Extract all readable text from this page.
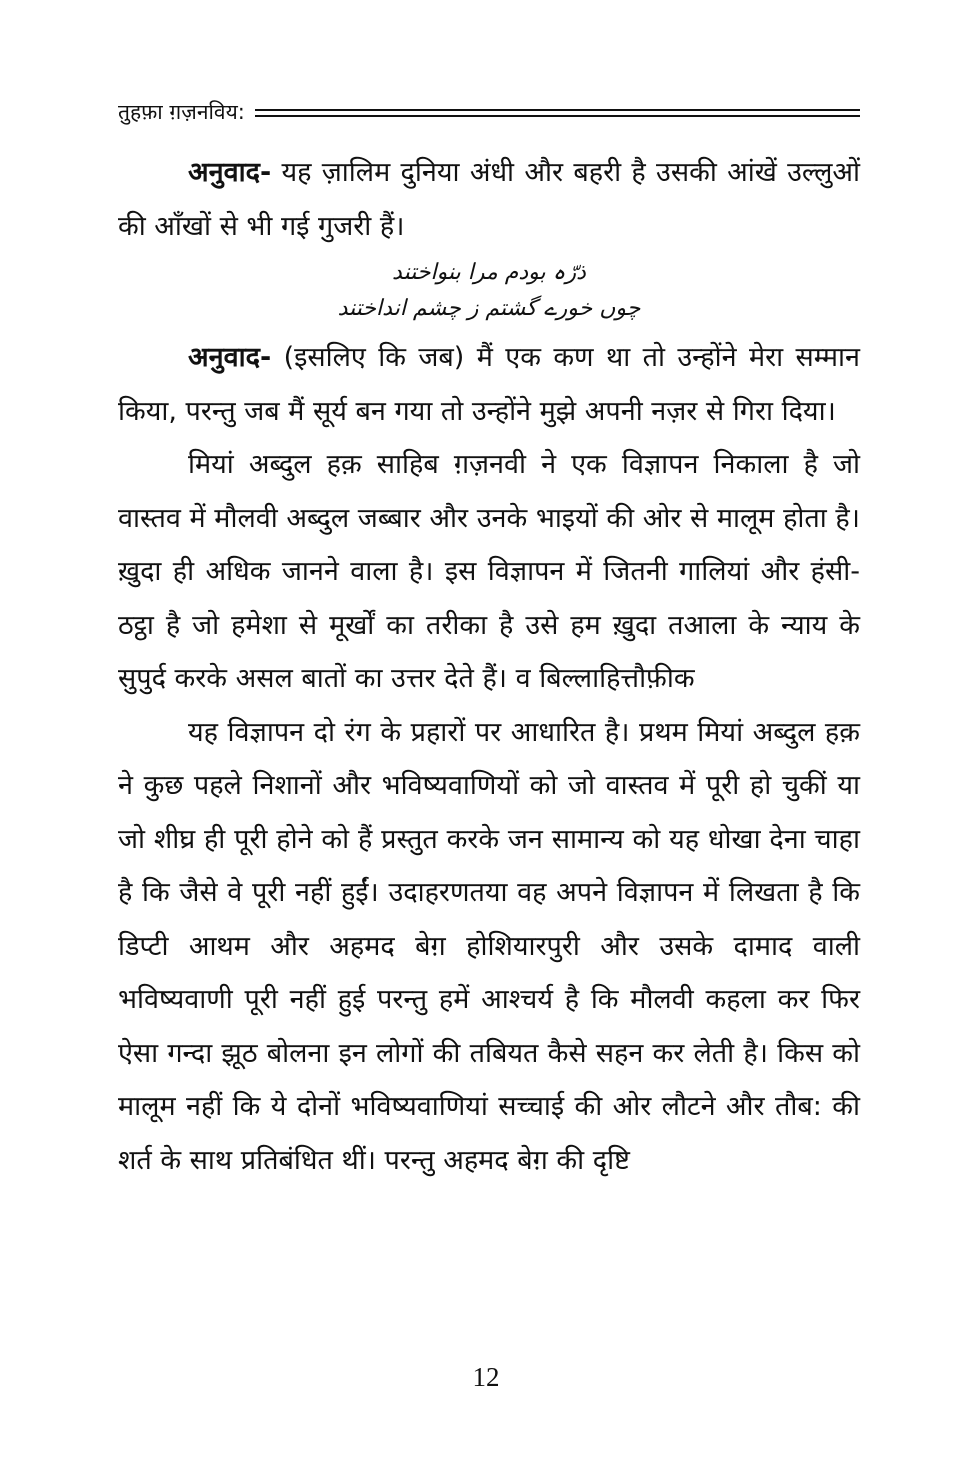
तुहफ़ा ग़ज़नविय:

अनुवाद- यह ज़ालिम दुनिया अंधी और बहरी है उसकी आंखें उल्लुओं की आँखों से भी गई गुजरी हैं।

ذرّہ بودم مرا بنواختند
چوں خورے گشتم ز چشم انداختند

अनुवाद- (इसलिए कि जब) मैं एक कण था तो उन्होंने मेरा सम्मान किया, परन्तु जब मैं सूर्य बन गया तो उन्होंने मुझे अपनी नज़र से गिरा दिया।

मियां अब्दुल हक़ साहिब ग़ज़नवी ने एक विज्ञापन निकाला है जो वास्तव में मौलवी अब्दुल जब्बार और उनके भाइयों की ओर से मालूम होता है। ख़ुदा ही अधिक जानने वाला है। इस विज्ञापन में जितनी गालियां और हंसी-ठट्ठा है जो हमेशा से मूर्खों का तरीका है उसे हम ख़ुदा तआला के न्याय के सुपुर्द करके असल बातों का उत्तर देते हैं। व बिल्लाहित्तौफ़ीक

यह विज्ञापन दो रंग के प्रहारों पर आधारित है। प्रथम मियां अब्दुल हक़ ने कुछ पहले निशानों और भविष्यवाणियों को जो वास्तव में पूरी हो चुकीं या जो शीघ्र ही पूरी होने को हैं प्रस्तुत करके जन सामान्य को यह धोखा देना चाहा है कि जैसे वे पूरी नहीं हुईं। उदाहरणतया वह अपने विज्ञापन में लिखता है कि डिप्टी आथम और अहमद बेग़ होशियारपुरी और उसके दामाद वाली भविष्यवाणी पूरी नहीं हुई परन्तु हमें आश्चर्य है कि मौलवी कहला कर फिर ऐसा गन्दा झूठ बोलना इन लोगों की तबियत कैसे सहन कर लेती है। किस को मालूम नहीं कि ये दोनों भविष्यवाणियां सच्चाई की ओर लौटने और तौब: की शर्त के साथ प्रतिबंधित थीं। परन्तु अहमद बेग़ की दृष्टि

12
